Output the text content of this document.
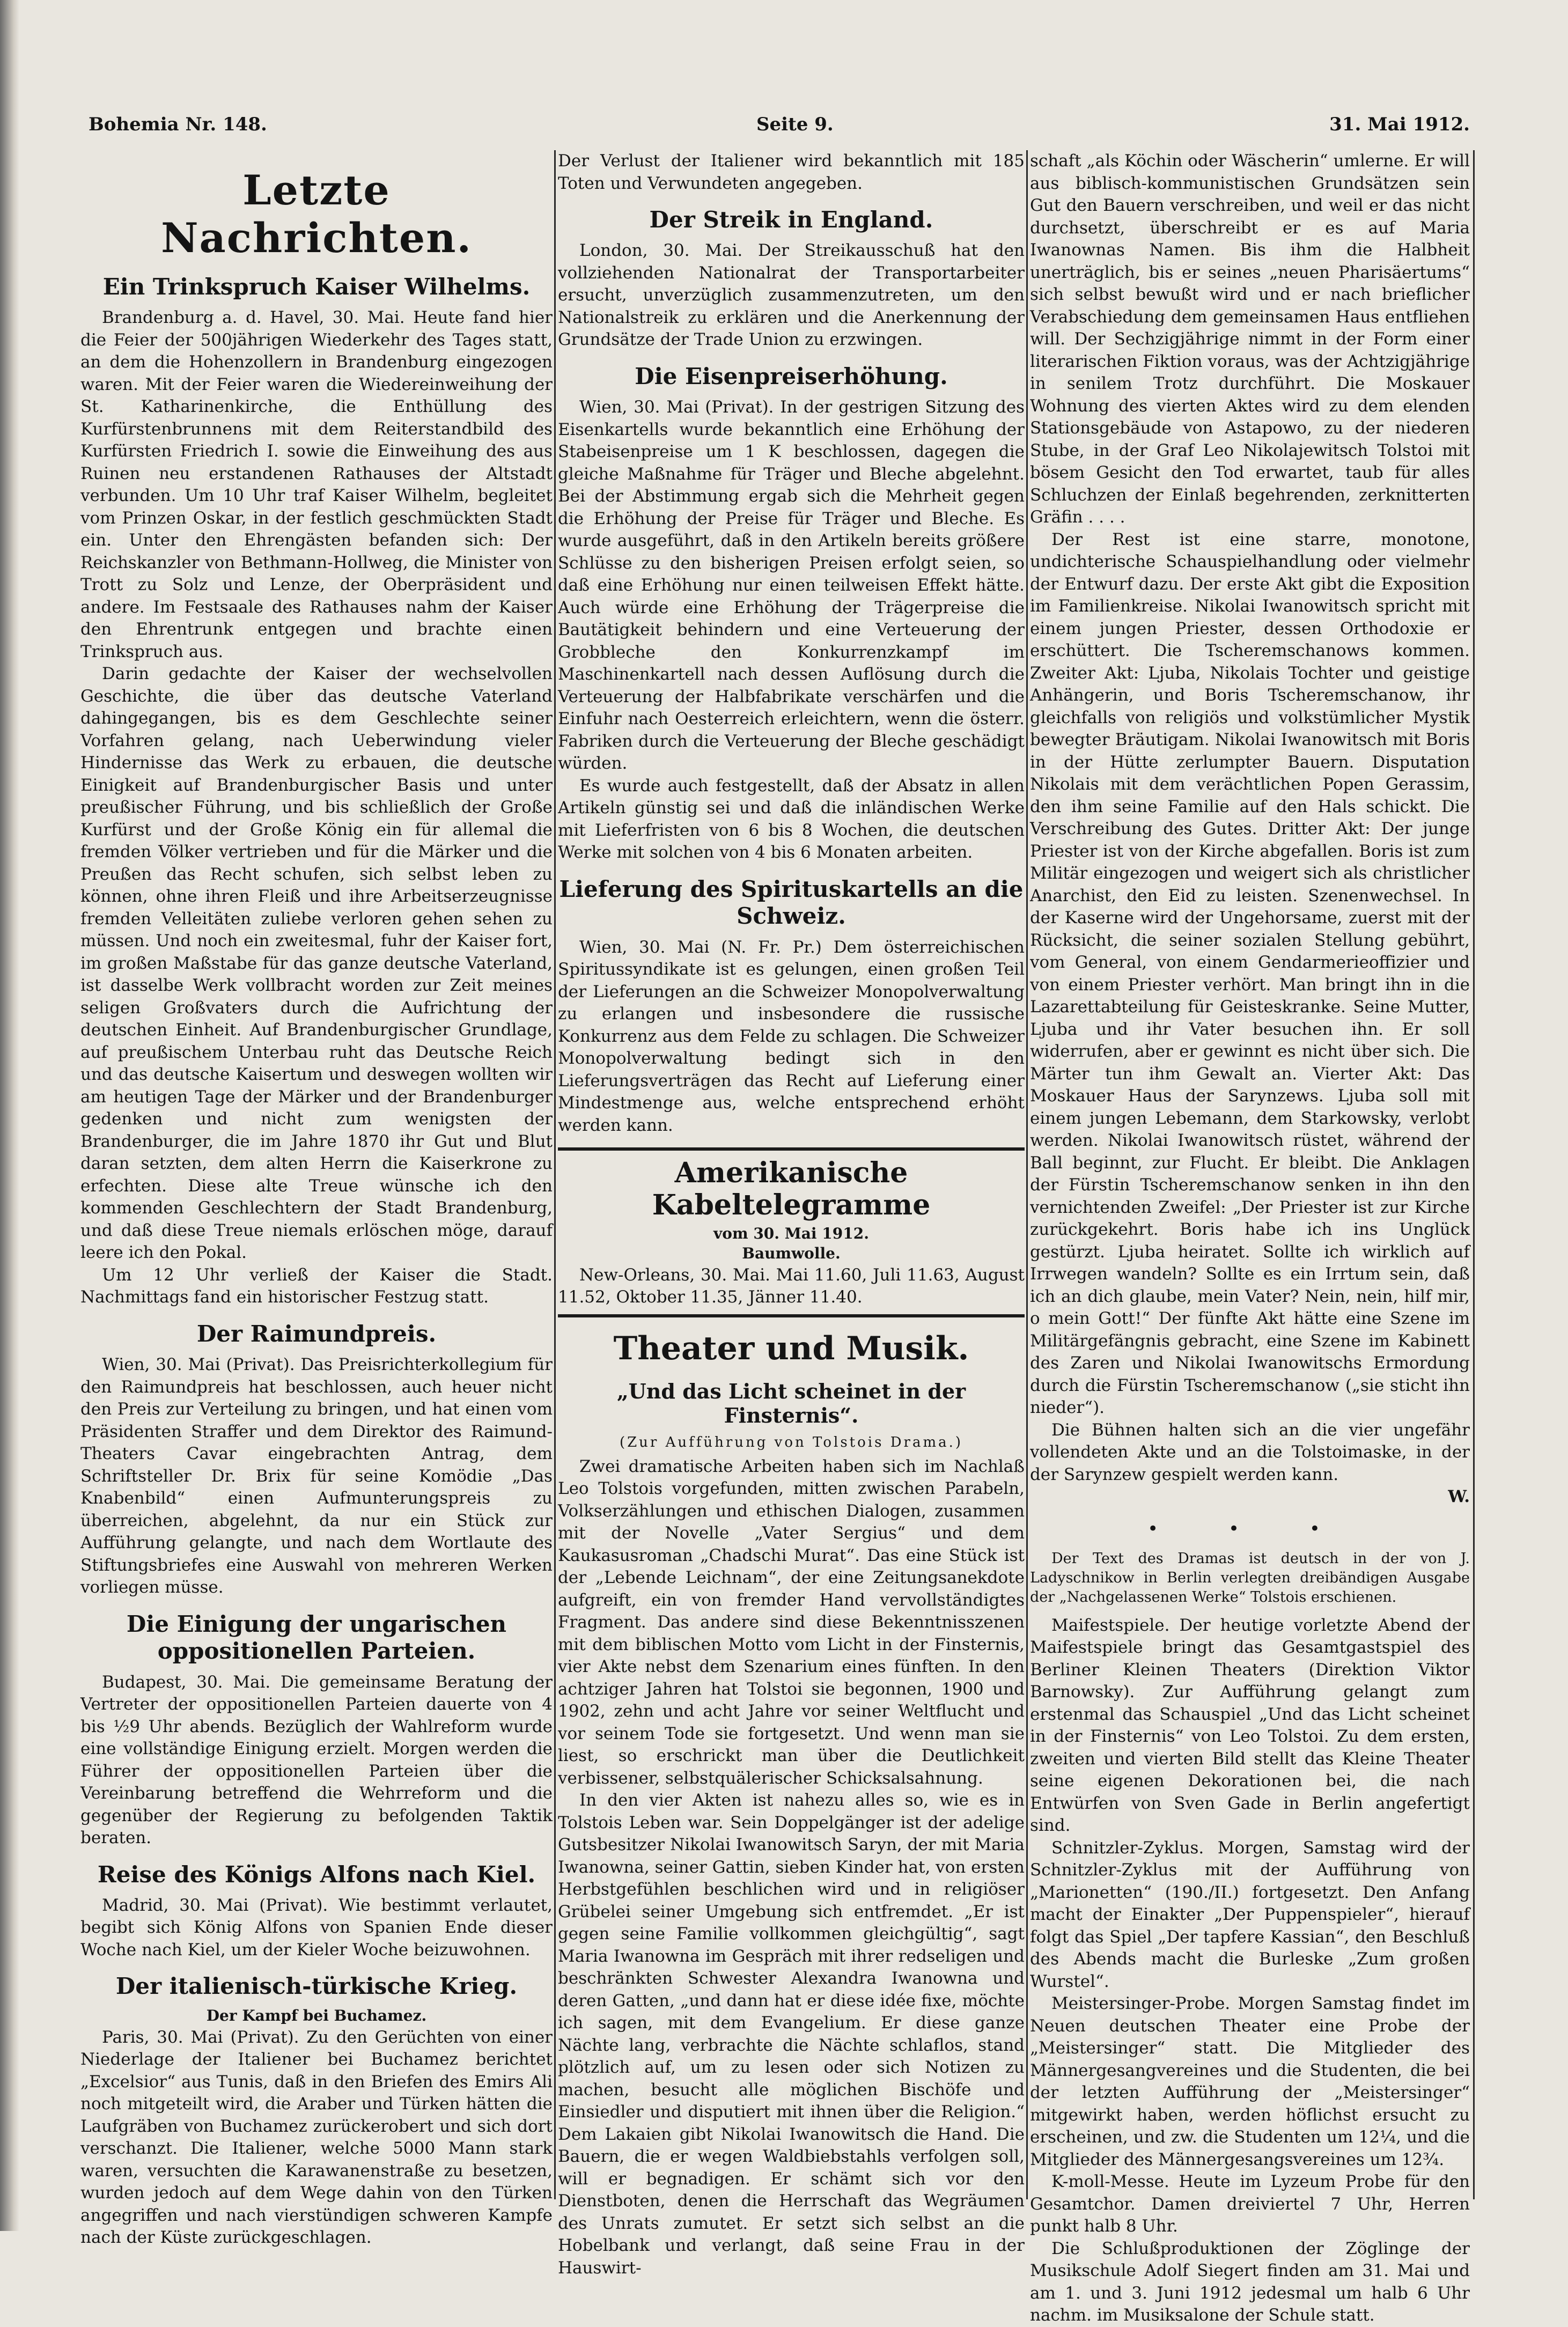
Bohemia Nr. 148.	Seite 9.	31. Mai 1912.
Letzte Nachrichten.
Ein Trinkspruch Kaiser Wilhelms.

Brandenburg a. d. Havel, 30. Mai. Heute fand hier die Feier der 500jährigen Wiederkehr des Tages statt, an dem die Hohenzollern in Brandenburg eingezogen waren. Mit der Feier waren die Wiedereinweihung der St. Katharinenkirche, die Enthüllung des Kurfürstenbrunnens mit dem Reiterstandbild des Kurfürsten Friedrich I. sowie die Einweihung des aus Ruinen neu erstandenen Rathauses der Altstadt verbunden. Um 10 Uhr traf Kaiser Wilhelm, begleitet vom Prinzen Oskar, in der festlich geschmückten Stadt ein. Unter den Ehrengästen befanden sich: Der Reichskanzler von Bethmann-Hollweg, die Minister von Trott zu Solz und Lenze, der Oberpräsident und andere. Im Festsaale des Rathauses nahm der Kaiser den Ehrentrunk entgegen und brachte einen Trinkspruch aus.

Darin gedachte der Kaiser der wechselvollen Geschichte, die über das deutsche Vaterland dahingegangen, bis es dem Geschlechte seiner Vorfahren gelang, nach Ueberwindung vieler Hindernisse das Werk zu erbauen, die deutsche Einigkeit auf Brandenburgischer Basis und unter preußischer Führung, und bis schließlich der Große Kurfürst und der Große König ein für allemal die fremden Völker vertrieben und für die Märker und die Preußen das Recht schufen, sich selbst leben zu können, ohne ihren Fleiß und ihre Arbeitserzeugnisse fremden Velleitäten zuliebe verloren gehen sehen zu müssen. Und noch ein zweitesmal, fuhr der Kaiser fort, im großen Maßstabe für das ganze deutsche Vaterland, ist dasselbe Werk vollbracht worden zur Zeit meines seligen Großvaters durch die Aufrichtung der deutschen Einheit. Auf Brandenburgischer Grundlage, auf preußischem Unterbau ruht das Deutsche Reich und das deutsche Kaisertum und deswegen wollten wir am heutigen Tage der Märker und der Brandenburger gedenken und nicht zum wenigsten der Brandenburger, die im Jahre 1870 ihr Gut und Blut daran setzten, dem alten Herrn die Kaiserkrone zu erfechten. Diese alte Treue wünsche ich den kommenden Geschlechtern der Stadt Brandenburg, und daß diese Treue niemals erlöschen möge, darauf leere ich den Pokal.

Um 12 Uhr verließ der Kaiser die Stadt. Nachmittags fand ein historischer Festzug statt.

Der Raimundpreis.

Wien, 30. Mai (Privat). Das Preisrichterkollegium für den Raimundpreis hat beschlossen, auch heuer nicht den Preis zur Verteilung zu bringen, und hat einen vom Präsidenten Straffer und dem Direktor des Raimund-Theaters Cavar eingebrachten Antrag, dem Schriftsteller Dr. Brix für seine Komödie „Das Knabenbild“ einen Aufmunterungspreis zu überreichen, abgelehnt, da nur ein Stück zur Aufführung gelangte, und nach dem Wortlaute des Stiftungsbriefes eine Auswahl von mehreren Werken vorliegen müsse.

Die Einigung der ungarischen oppositionellen Parteien.

Budapest, 30. Mai. Die gemeinsame Beratung der Vertreter der oppositionellen Parteien dauerte von 4 bis ½9 Uhr abends. Bezüglich der Wahlreform wurde eine vollständige Einigung erzielt. Morgen werden die Führer der oppositionellen Parteien über die Vereinbarung betreffend die Wehrreform und die gegenüber der Regierung zu befolgenden Taktik beraten.

Reise des Königs Alfons nach Kiel.

Madrid, 30. Mai (Privat). Wie bestimmt verlautet, begibt sich König Alfons von Spanien Ende dieser Woche nach Kiel, um der Kieler Woche beizuwohnen.

Der italienisch-türkische Krieg.
Der Kampf bei Buchamez.

Paris, 30. Mai (Privat). Zu den Gerüchten von einer Niederlage der Italiener bei Buchamez berichtet „Excelsior“ aus Tunis, daß in den Briefen des Emirs Ali noch mitgeteilt wird, die Araber und Türken hätten die Laufgräben von Buchamez zurückerobert und sich dort verschanzt. Die Italiener, welche 5000 Mann stark waren, versuchten die Karawanenstraße zu besetzen, wurden jedoch auf dem Wege dahin von den Türken angegriffen und nach vierstündigen schweren Kampfe nach der Küste zurückgeschlagen.

Der Verlust der Italiener wird bekanntlich mit 185 Toten und Verwundeten angegeben.

Der Streik in England.

London, 30. Mai. Der Streikausschuß hat den vollziehenden Nationalrat der Transportarbeiter ersucht, unverzüglich zusammenzutreten, um den Nationalstreik zu erklären und die Anerkennung der Grundsätze der Trade Union zu erzwingen.

Die Eisenpreiserhöhung.

Wien, 30. Mai (Privat). In der gestrigen Sitzung des Eisenkartells wurde bekanntlich eine Erhöhung der Stabeisenpreise um 1 K beschlossen, dagegen die gleiche Maßnahme für Träger und Bleche abgelehnt. Bei der Abstimmung ergab sich die Mehrheit gegen die Erhöhung der Preise für Träger und Bleche. Es wurde ausgeführt, daß in den Artikeln bereits größere Schlüsse zu den bisherigen Preisen erfolgt seien, so daß eine Erhöhung nur einen teilweisen Effekt hätte. Auch würde eine Erhöhung der Trägerpreise die Bautätigkeit behindern und eine Verteuerung der Grobbleche den Konkurrenzkampf im Maschinenkartell nach dessen Auflösung durch die Verteuerung der Halbfabrikate verschärfen und die Einfuhr nach Oesterreich erleichtern, wenn die österr. Fabriken durch die Verteuerung der Bleche geschädigt würden.

Es wurde auch festgestellt, daß der Absatz in allen Artikeln günstig sei und daß die inländischen Werke mit Lieferfristen von 6 bis 8 Wochen, die deutschen Werke mit solchen von 4 bis 6 Monaten arbeiten.

Lieferung des Spirituskartells an die Schweiz.

Wien, 30. Mai (N. Fr. Pr.) Dem österreichischen Spiritussyndikate ist es gelungen, einen großen Teil der Lieferungen an die Schweizer Monopolverwaltung zu erlangen und insbesondere die russische Konkurrenz aus dem Felde zu schlagen. Die Schweizer Monopolverwaltung bedingt sich in den Lieferungsverträgen das Recht auf Lieferung einer Mindestmenge aus, welche entsprechend erhöht werden kann.

Amerikanische Kabeltelegramme
vom 30. Mai 1912.
Baumwolle.

New-Orleans, 30. Mai. Mai 11.60, Juli 11.63, August 11.52, Oktober 11.35, Jänner 11.40.

Theater und Musik.
„Und das Licht scheinet in der Finsternis“.
(Zur Aufführung von Tolstois Drama.)

Zwei dramatische Arbeiten haben sich im Nachlaß Leo Tolstois vorgefunden, mitten zwischen Parabeln, Volkserzählungen und ethischen Dialogen, zusammen mit der Novelle „Vater Sergius“ und dem Kaukasusroman „Chadschi Murat“. Das eine Stück ist der „Lebende Leichnam“, der eine Zeitungsanekdote aufgreift, ein von fremder Hand vervollständigtes Fragment. Das andere sind diese Bekenntnisszenen mit dem biblischen Motto vom Licht in der Finsternis, vier Akte nebst dem Szenarium eines fünften. In den achtziger Jahren hat Tolstoi sie begonnen, 1900 und 1902, zehn und acht Jahre vor seiner Weltflucht und vor seinem Tode sie fortgesetzt. Und wenn man sie liest, so erschrickt man über die Deutlichkeit verbissener, selbstquälerischer Schicksalsahnung.

In den vier Akten ist nahezu alles so, wie es in Tolstois Leben war. Sein Doppelgänger ist der adelige Gutsbesitzer Nikolai Iwanowitsch Saryn, der mit Maria Iwanowna, seiner Gattin, sieben Kinder hat, von ersten Herbstgefühlen beschlichen wird und in religiöser Grübelei seiner Umgebung sich entfremdet. „Er ist gegen seine Familie vollkommen gleichgültig“, sagt Maria Iwanowna im Gespräch mit ihrer redseligen und beschränkten Schwester Alexandra Iwanowna und deren Gatten, „und dann hat er diese idée fixe, möchte ich sagen, mit dem Evangelium. Er diese ganze Nächte lang, verbrachte die Nächte schlaflos, stand plötzlich auf, um zu lesen oder sich Notizen zu machen, besucht alle möglichen Bischöfe und Einsiedler und disputiert mit ihnen über die Religion.“ Dem Lakaien gibt Nikolai Iwanowitsch die Hand. Die Bauern, die er wegen Waldbiebstahls verfolgen soll, will er begnadigen. Er schämt sich vor den Dienstboten, denen die Herrschaft das Wegräumen des Unrats zumutet. Er setzt sich selbst an die Hobelbank und verlangt, daß seine Frau in der Hauswirt-

schaft „als Köchin oder Wäscherin“ umlerne. Er will aus biblisch-kommunistischen Grundsätzen sein Gut den Bauern verschreiben, und weil er das nicht durchsetzt, überschreibt er es auf Maria Iwanownas Namen. Bis ihm die Halbheit unerträglich, bis er seines „neuen Pharisäertums“ sich selbst bewußt wird und er nach brieflicher Verabschiedung dem gemeinsamen Haus entfliehen will. Der Sechzigjährige nimmt in der Form einer literarischen Fiktion voraus, was der Achtzigjährige in senilem Trotz durchführt. Die Moskauer Wohnung des vierten Aktes wird zu dem elenden Stationsgebäude von Astapowo, zu der niederen Stube, in der Graf Leo Nikolajewitsch Tolstoi mit bösem Gesicht den Tod erwartet, taub für alles Schluchzen der Einlaß begehrenden, zerknitterten Gräfin . . . .

Der Rest ist eine starre, monotone, undichterische Schauspielhandlung oder vielmehr der Entwurf dazu. Der erste Akt gibt die Exposition im Familienkreise. Nikolai Iwanowitsch spricht mit einem jungen Priester, dessen Orthodoxie er erschüttert. Die Tscheremschanows kommen. Zweiter Akt: Ljuba, Nikolais Tochter und geistige Anhängerin, und Boris Tscheremschanow, ihr gleichfalls von religiös und volkstümlicher Mystik bewegter Bräutigam. Nikolai Iwanowitsch mit Boris in der Hütte zerlumpter Bauern. Disputation Nikolais mit dem verächtlichen Popen Gerassim, den ihm seine Familie auf den Hals schickt. Die Verschreibung des Gutes. Dritter Akt: Der junge Priester ist von der Kirche abgefallen. Boris ist zum Militär eingezogen und weigert sich als christlicher Anarchist, den Eid zu leisten. Szenenwechsel. In der Kaserne wird der Ungehorsame, zuerst mit der Rücksicht, die seiner sozialen Stellung gebührt, vom General, von einem Gendarmerieoffizier und von einem Priester verhört. Man bringt ihn in die Lazarettabteilung für Geisteskranke. Seine Mutter, Ljuba und ihr Vater besuchen ihn. Er soll widerrufen, aber er gewinnt es nicht über sich. Die Märter tun ihm Gewalt an. Vierter Akt: Das Moskauer Haus der Sarynzews. Ljuba soll mit einem jungen Lebemann, dem Starkowsky, verlobt werden. Nikolai Iwanowitsch rüstet, während der Ball beginnt, zur Flucht. Er bleibt. Die Anklagen der Fürstin Tscheremschanow senken in ihn den vernichtenden Zweifel: „Der Priester ist zur Kirche zurückgekehrt. Boris habe ich ins Unglück gestürzt. Ljuba heiratet. Sollte ich wirklich auf Irrwegen wandeln? Sollte es ein Irrtum sein, daß ich an dich glaube, mein Vater? Nein, nein, hilf mir, o mein Gott!“ Der fünfte Akt hätte eine Szene im Militärgefängnis gebracht, eine Szene im Kabinett des Zaren und Nikolai Iwanowitschs Ermordung durch die Fürstin Tscheremschanow („sie sticht ihn nieder“).

Die Bühnen halten sich an die vier ungefähr vollendeten Akte und an die Tolstoimaske, in der der Sarynzew gespielt werden kann.

W.
• • •

Der Text des Dramas ist deutsch in der von J. Ladyschnikow in Berlin verlegten dreibändigen Ausgabe der „Nachgelassenen Werke“ Tolstois erschienen.

Maifestspiele. Der heutige vorletzte Abend der Maifestspiele bringt das Gesamtgastspiel des Berliner Kleinen Theaters (Direktion Viktor Barnowsky). Zur Aufführung gelangt zum erstenmal das Schauspiel „Und das Licht scheinet in der Finsternis“ von Leo Tolstoi. Zu dem ersten, zweiten und vierten Bild stellt das Kleine Theater seine eigenen Dekorationen bei, die nach Entwürfen von Sven Gade in Berlin angefertigt sind.

Schnitzler-Zyklus. Morgen, Samstag wird der Schnitzler-Zyklus mit der Aufführung von „Marionetten“ (190./II.) fortgesetzt. Den Anfang macht der Einakter „Der Puppenspieler“, hierauf folgt das Spiel „Der tapfere Kassian“, den Beschluß des Abends macht die Burleske „Zum großen Wurstel“.

Meistersinger-Probe. Morgen Samstag findet im Neuen deutschen Theater eine Probe der „Meistersinger“ statt. Die Mitglieder des Männergesangvereines und die Studenten, die bei der letzten Aufführung der „Meistersinger“ mitgewirkt haben, werden höflichst ersucht zu erscheinen, und zw. die Studenten um 12¼, und die Mitglieder des Männergesangsvereines um 12¾.

K-moll-Messe. Heute im Lyzeum Probe für den Gesamtchor. Damen dreiviertel 7 Uhr, Herren punkt halb 8 Uhr.

Die Schlußproduktionen der Zöglinge der Musikschule Adolf Siegert finden am 31. Mai und am 1. und 3. Juni 1912 jedesmal um halb 6 Uhr nachm. im Musiksalone der Schule statt.
